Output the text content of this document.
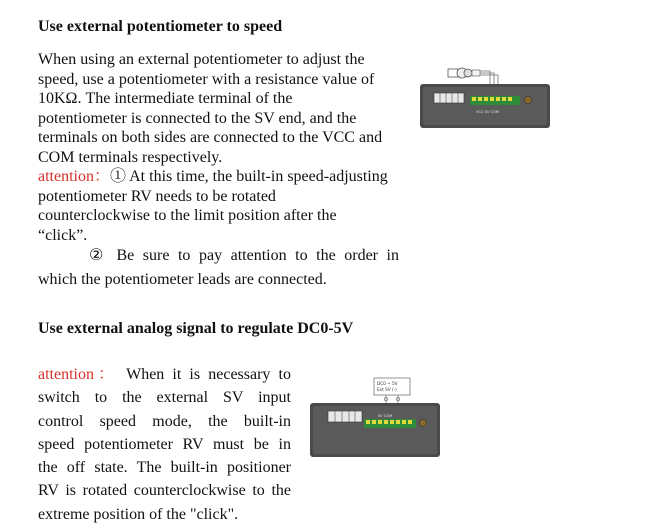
Use external potentiometer to speed
When using an external potentiometer to adjust the
speed, use a potentiometer with a resistance value of
10KΩ. The intermediate terminal of the
potentiometer is connected to the SV end, and the
terminals on both sides are connected to the VCC and
COM terminals respectively.
attention：① At this time, the built-in speed-adjusting
potentiometer RV needs to be rotated
counterclockwise to the limit position after the
“click”.
② Be sure to pay attention to the order in
which the potentiometer leads are connected.
VCC SV COM
Use external analog signal to regulate DC0-5V
attention： When it is necessary to
switch to the external SV input
control speed mode, the built-in
speed potentiometer RV must be in
the off state. The built-in positioner
RV is rotated counterclockwise to the
extreme position of the "click".
DC0 ~ 5V
Ext SV (-)
SV COM
